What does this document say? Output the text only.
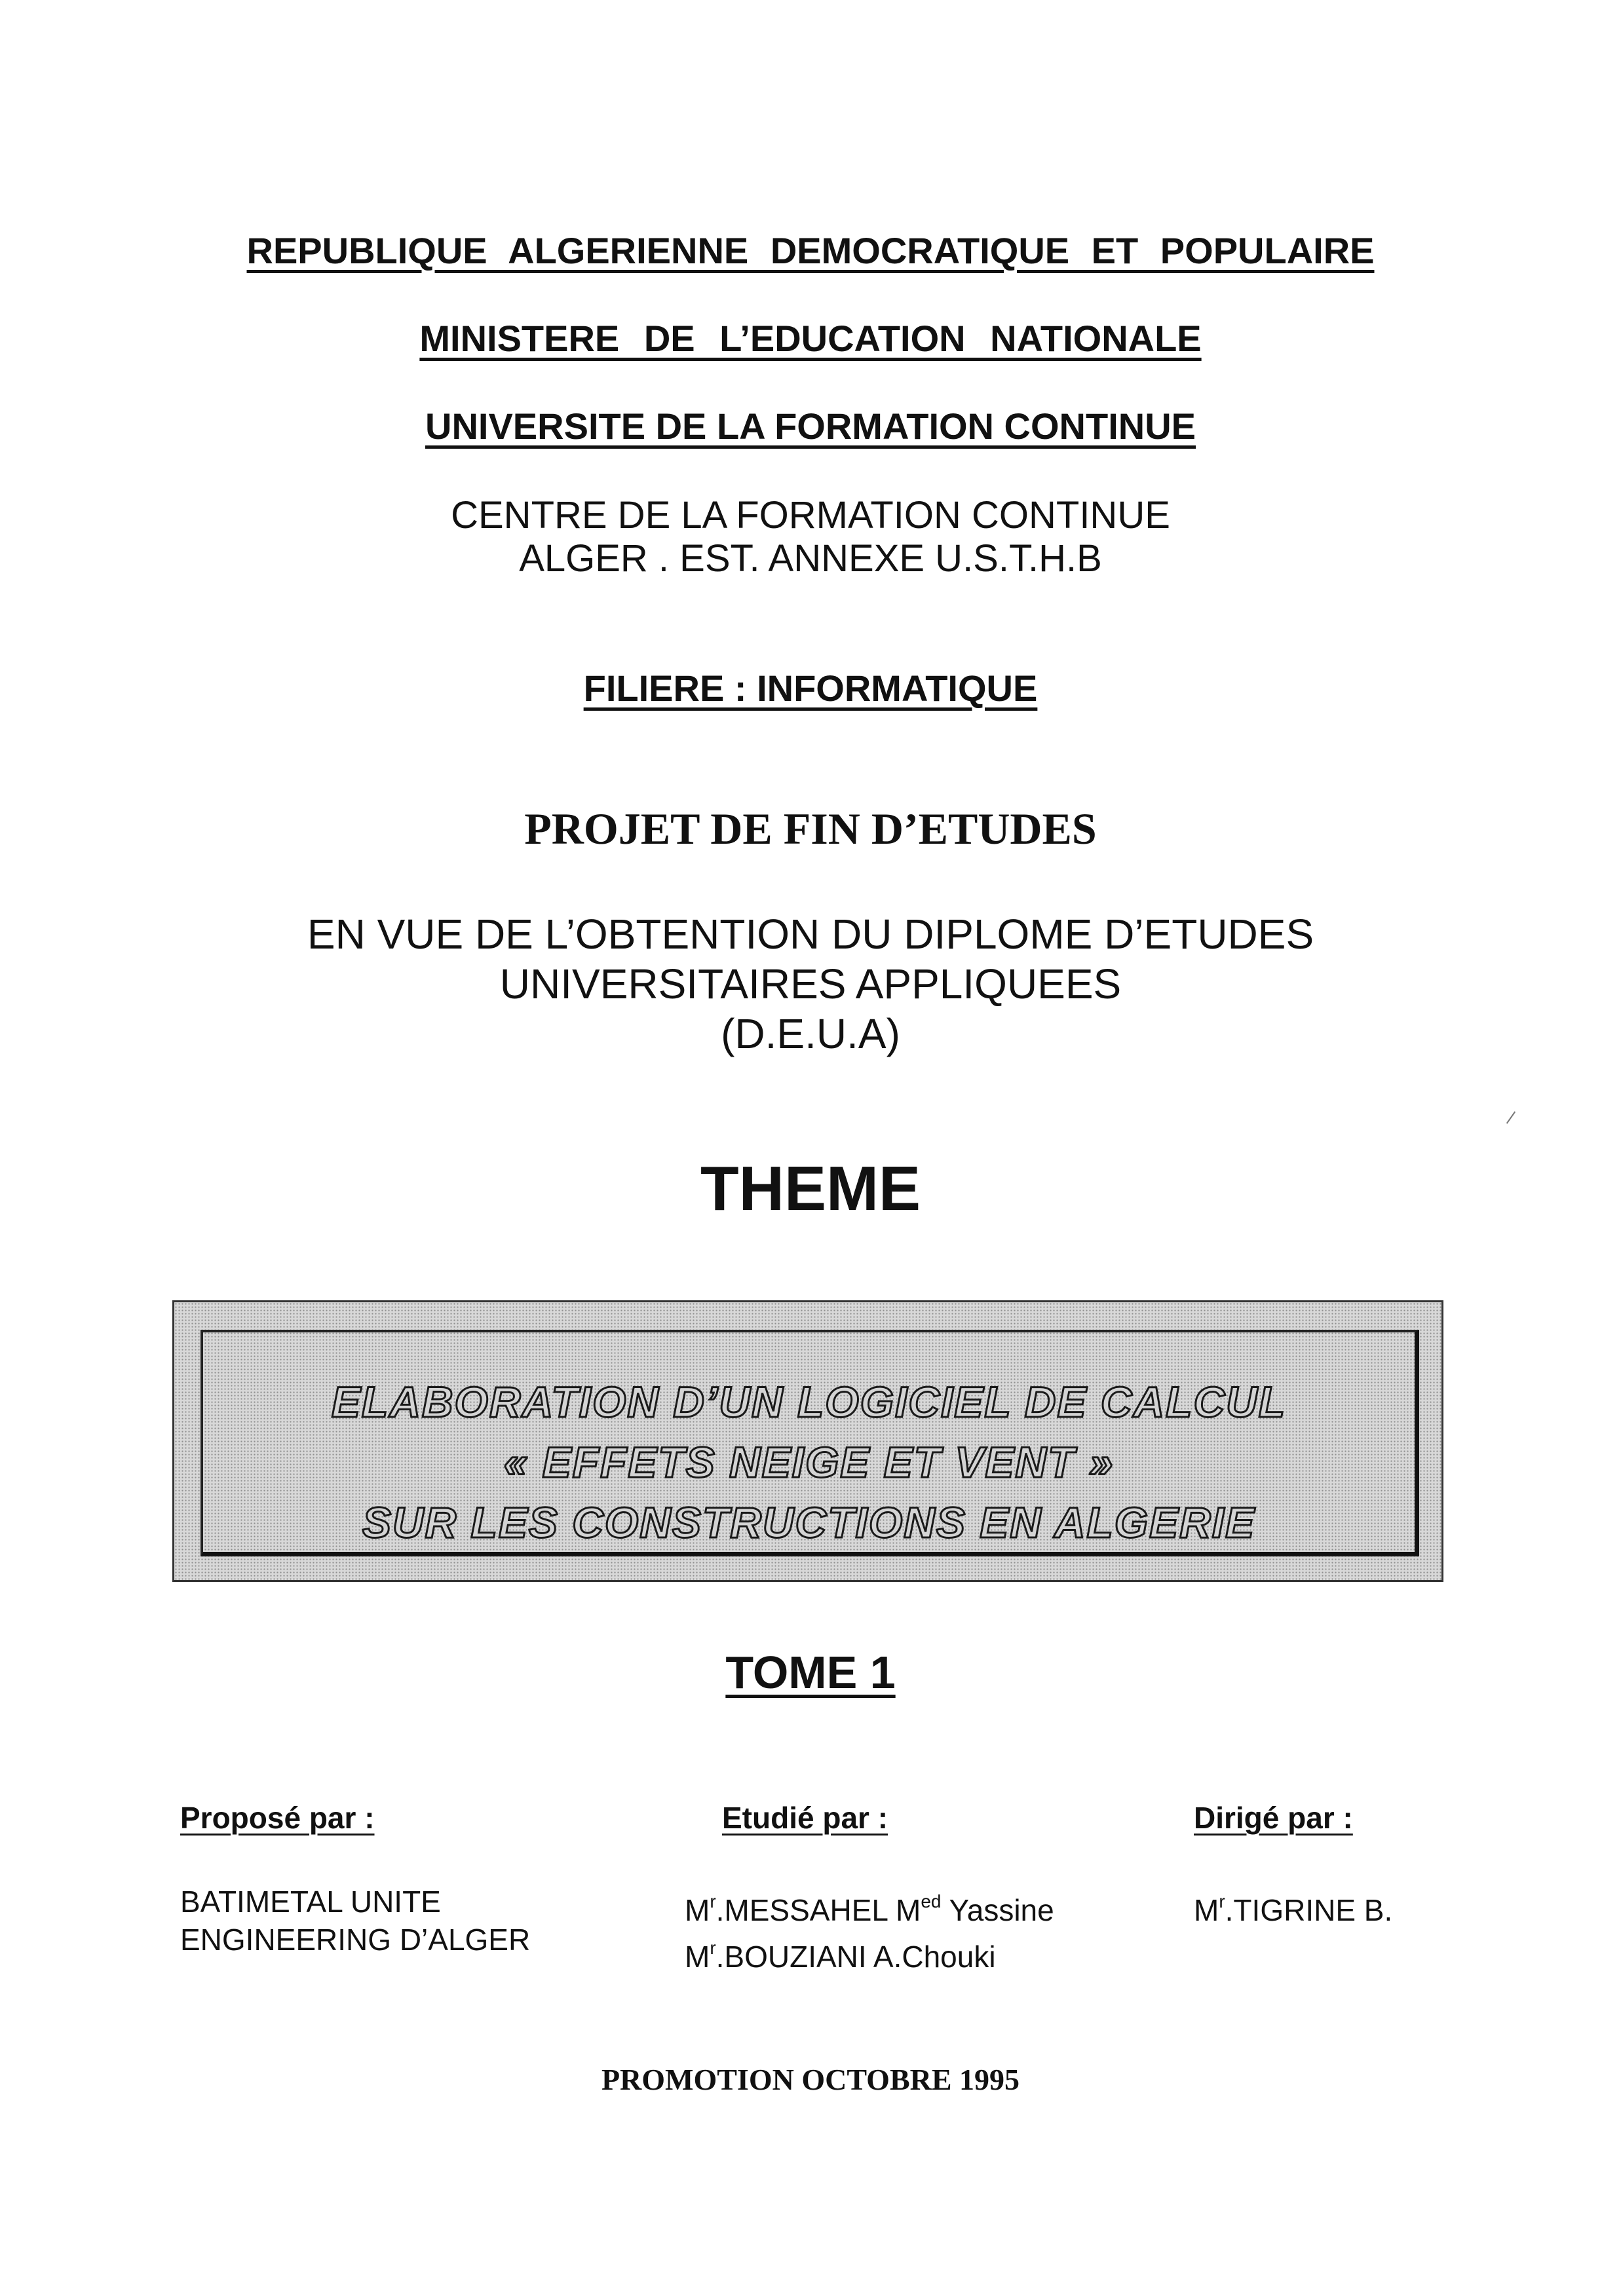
REPUBLIQUE ALGERIENNE DEMOCRATIQUE ET POPULAIRE
MINISTERE DE L’EDUCATION NATIONALE
UNIVERSITE DE LA FORMATION CONTINUE
CENTRE DE LA FORMATION CONTINUE
ALGER . EST. ANNEXE U.S.T.H.B
FILIERE : INFORMATIQUE
PROJET DE FIN D’ETUDES
EN VUE DE L’OBTENTION DU DIPLOME D’ETUDES
UNIVERSITAIRES APPLIQUEES
(D.E.U.A)
THEME
ELABORATION D’UN LOGICIEL DE CALCUL
« EFFETS NEIGE ET VENT »
SUR LES CONSTRUCTIONS EN ALGERIE
TOME 1
Proposé par :
BATIMETAL UNITE
ENGINEERING D’ALGER
Etudié par :
$M^r.MESSAHEL$ $M^{ed}$ Yassine
$M^r.BOUZIANI$ A.Chouki
Dirigé par :
$M^r.TIGRINE$ B.
PROMOTION OCTOBRE 1995
